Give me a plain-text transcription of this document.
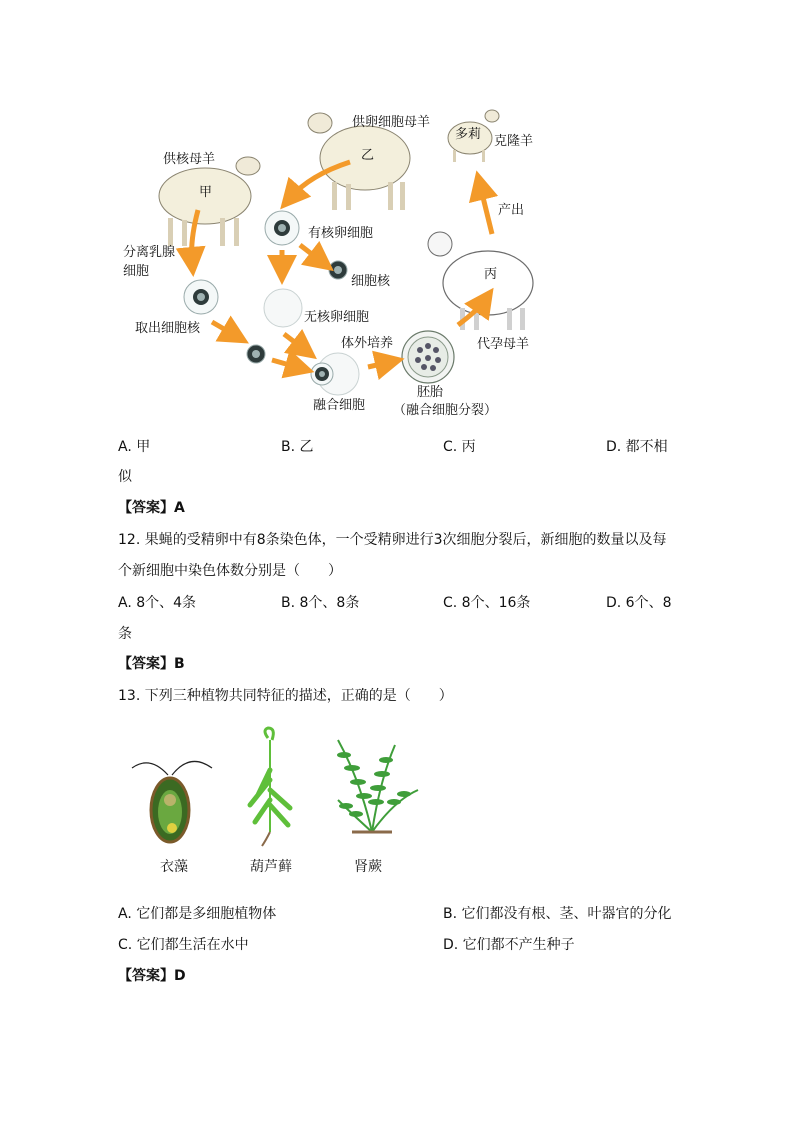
供核母羊
甲
供卵细胞母羊
乙
多莉 克隆羊
产出
有核卵细胞
细胞核
分离乳腺
细胞	丙
取出细胞核
无核卵细胞
体外培养	代孕母羊
胚胎
（融合细胞分裂）
融合细胞
A. 甲	B. 乙	C. 丙	D. 都不相
似
【答案】A
12. 果蝇的受精卵中有8条染色体，一个受精卵进行3次细胞分裂后，新细胞的数量以及每
个新细胞中染色体数分别是（　　）
A. 8个、4条	B. 8个、8条	C. 8个、16条	D. 6个、8
条
【答案】B
13. 下列三种植物共同特征的描述，正确的是（　　）
衣藻	葫芦藓	肾蕨
A. 它们都是多细胞植物体	B. 它们都没有根、茎、叶器官的分化
C. 它们都生活在水中	D. 它们都不产生种子
【答案】D
